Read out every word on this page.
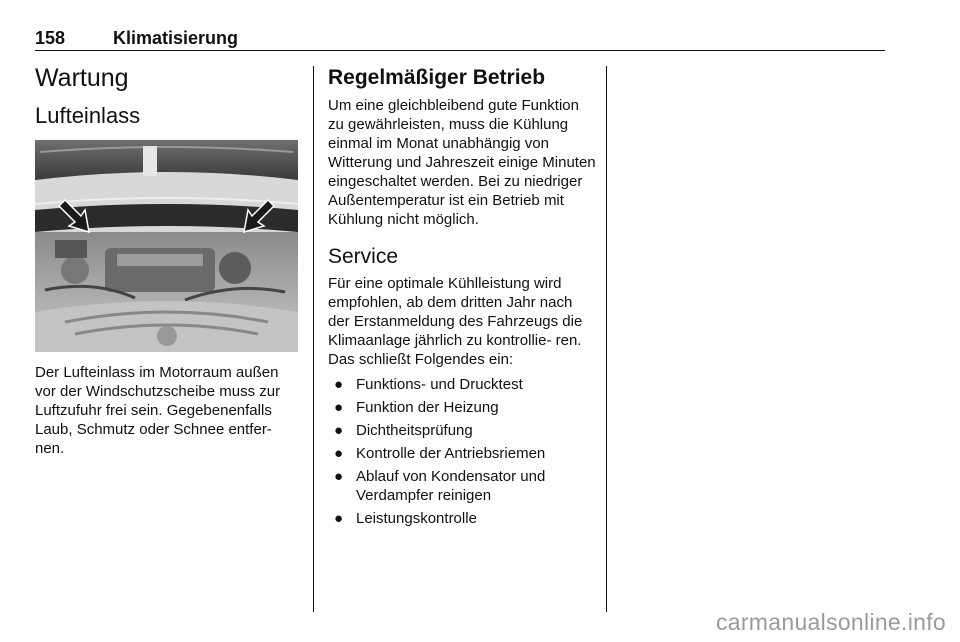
158	Klimatisierung
Wartung
Lufteinlass

Der Lufteinlass im Motorraum außen vor der Windschutzscheibe muss zur Luftzufuhr frei sein. Gegebenenfalls Laub, Schmutz oder Schnee entfer- nen.

Regelmäßiger Betrieb

Um eine gleichbleibend gute Funktion zu gewährleisten, muss die Kühlung einmal im Monat unabhängig von Witterung und Jahreszeit einige Minuten eingeschaltet werden. Bei zu niedriger Außentemperatur ist ein Betrieb mit Kühlung nicht möglich.

Service

Für eine optimale Kühlleistung wird empfohlen, ab dem dritten Jahr nach der Erstanmeldung des Fahrzeugs die Klimaanlage jährlich zu kontrollie- ren. Das schließt Folgendes ein:

● Funktions- und Drucktest
● Funktion der Heizung
● Dichtheitsprüfung
● Kontrolle der Antriebsriemen
● Ablauf von Kondensator und Verdampfer reinigen
● Leistungskontrolle
carmanualsonline.info
